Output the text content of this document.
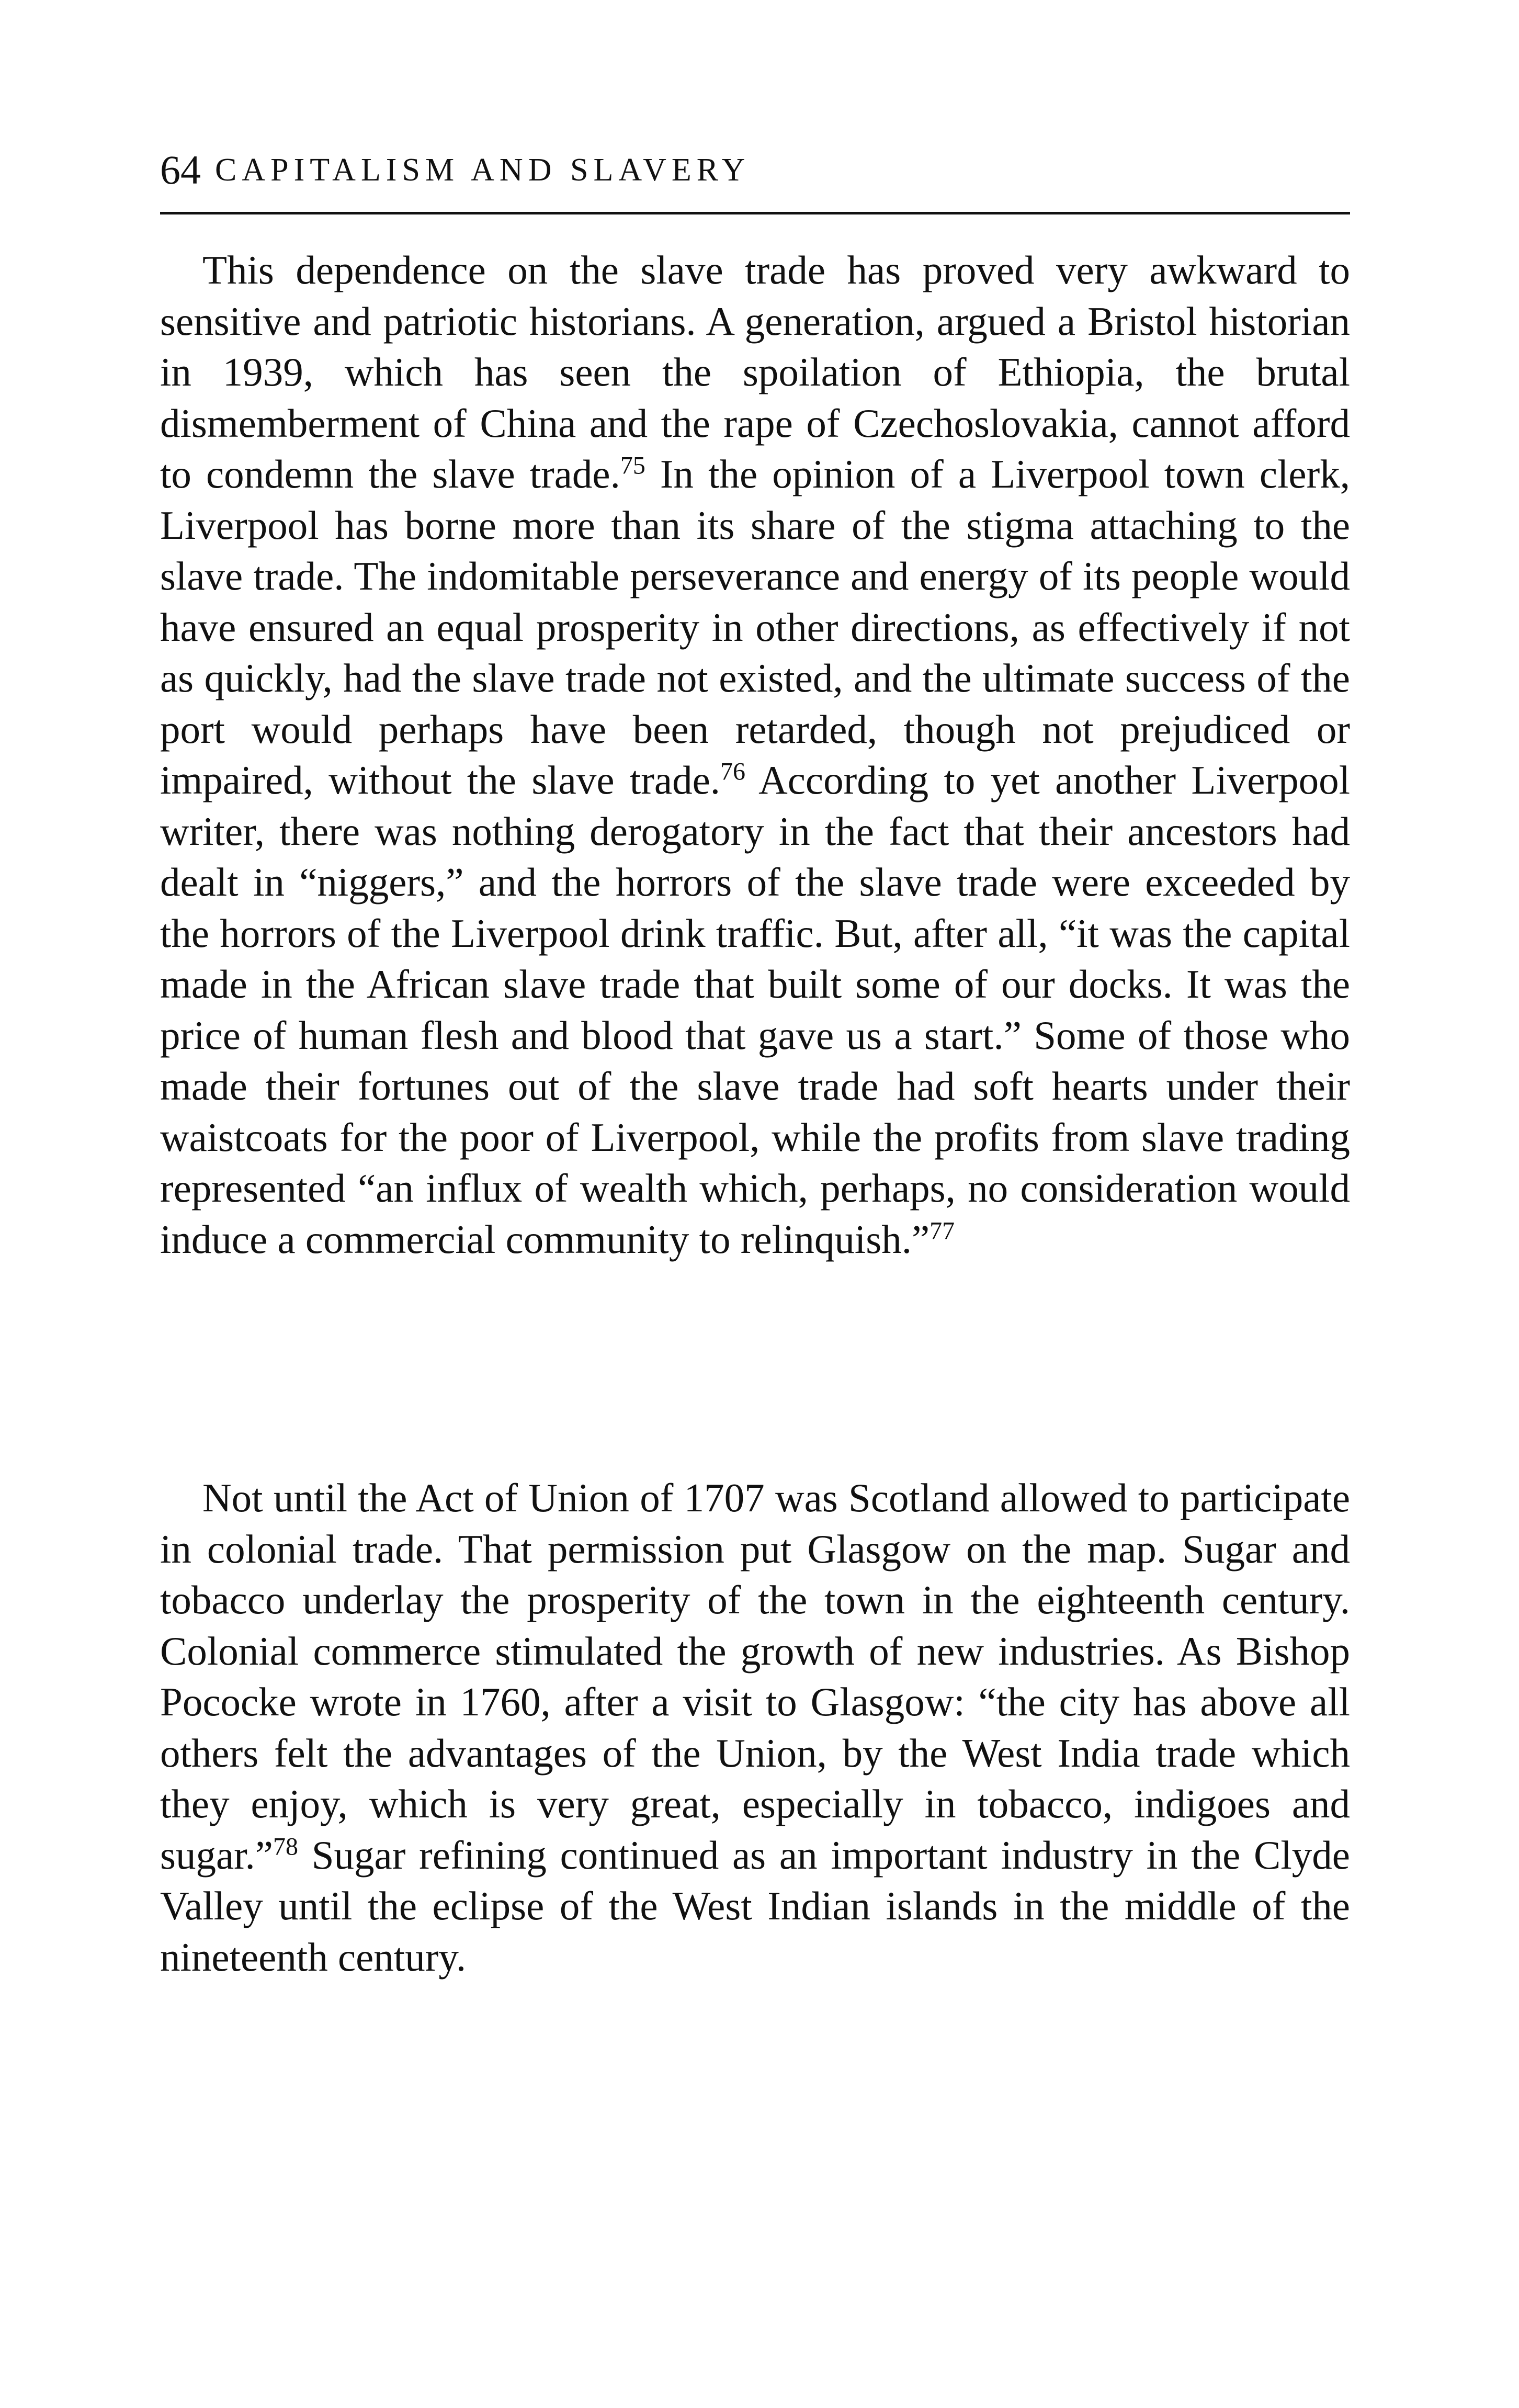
64 CAPITALISM AND SLAVERY

This dependence on the slave trade has proved very awkward to sensitive and patriotic historians. A generation, argued a Bristol historian in 1939, which has seen the spoilation of Ethiopia, the brutal dismemberment of China and the rape of Czechoslovakia, cannot afford to condemn the slave trade.$^{75}$ In the opinion of a Liverpool town clerk, Liverpool has borne more than its share of the stigma attaching to the slave trade. The indomitable perseverance and energy of its people would have ensured an equal prosperity in other directions, as effectively if not as quickly, had the slave trade not existed, and the ultimate success of the port would perhaps have been retarded, though not prejudiced or impaired, without the slave trade.$^{76}$ According to yet another Liverpool writer, there was nothing derogatory in the fact that their ancestors had dealt in “niggers,” and the horrors of the slave trade were exceeded by the horrors of the Liverpool drink traffic. But, after all, “it was the capital made in the African slave trade that built some of our docks. It was the price of human flesh and blood that gave us a start.” Some of those who made their fortunes out of the slave trade had soft hearts under their waistcoats for the poor of Liverpool, while the profits from slave trading represented “an influx of wealth which, perhaps, no consideration would induce a commercial community to relinquish.”$^{77}$

Not until the Act of Union of 1707 was Scotland allowed to participate in colonial trade. That permission put Glasgow on the map. Sugar and tobacco underlay the prosperity of the town in the eighteenth century. Colonial commerce stimulated the growth of new industries. As Bishop Pococke wrote in 1760, after a visit to Glasgow: “the city has above all others felt the advantages of the Union, by the West India trade which they enjoy, which is very great, especially in tobacco, indigoes and sugar.”$^{78}$ Sugar refining continued as an important industry in the Clyde Valley until the eclipse of the West Indian islands in the middle of the nineteenth century.
